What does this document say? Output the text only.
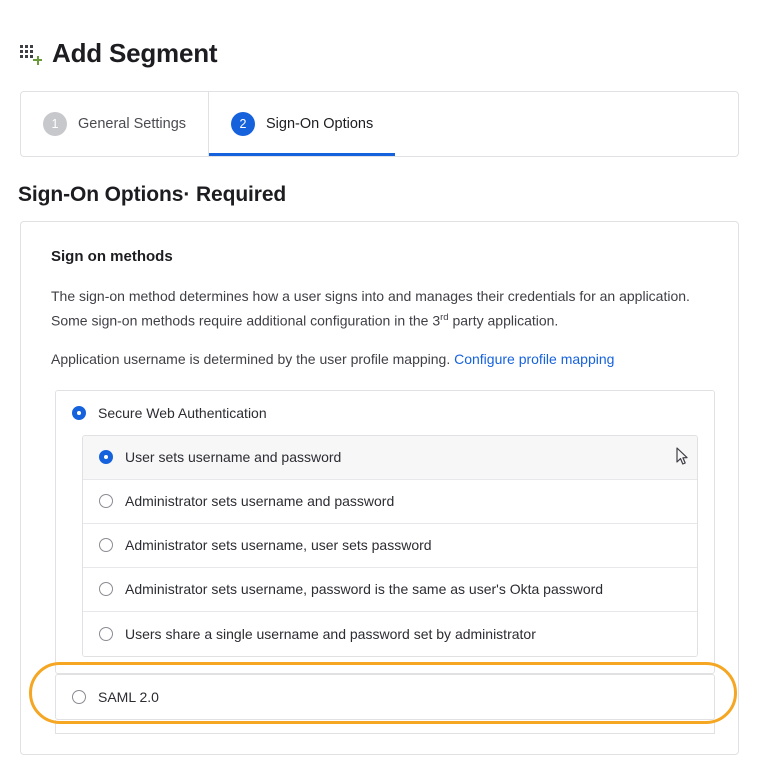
Add Segment
1	General Settings	2	Sign-On Options
Sign-On Options· Required
Sign on methods
The sign-on method determines how a user signs into and manages their credentials for an application. Some sign-on methods require additional configuration in the 3rd party application.
Application username is determined by the user profile mapping. Configure profile mapping
Secure Web Authentication
User sets username and password
Administrator sets username and password
Administrator sets username, user sets password
Administrator sets username, password is the same as user's Okta password
Users share a single username and password set by administrator
SAML 2.0
